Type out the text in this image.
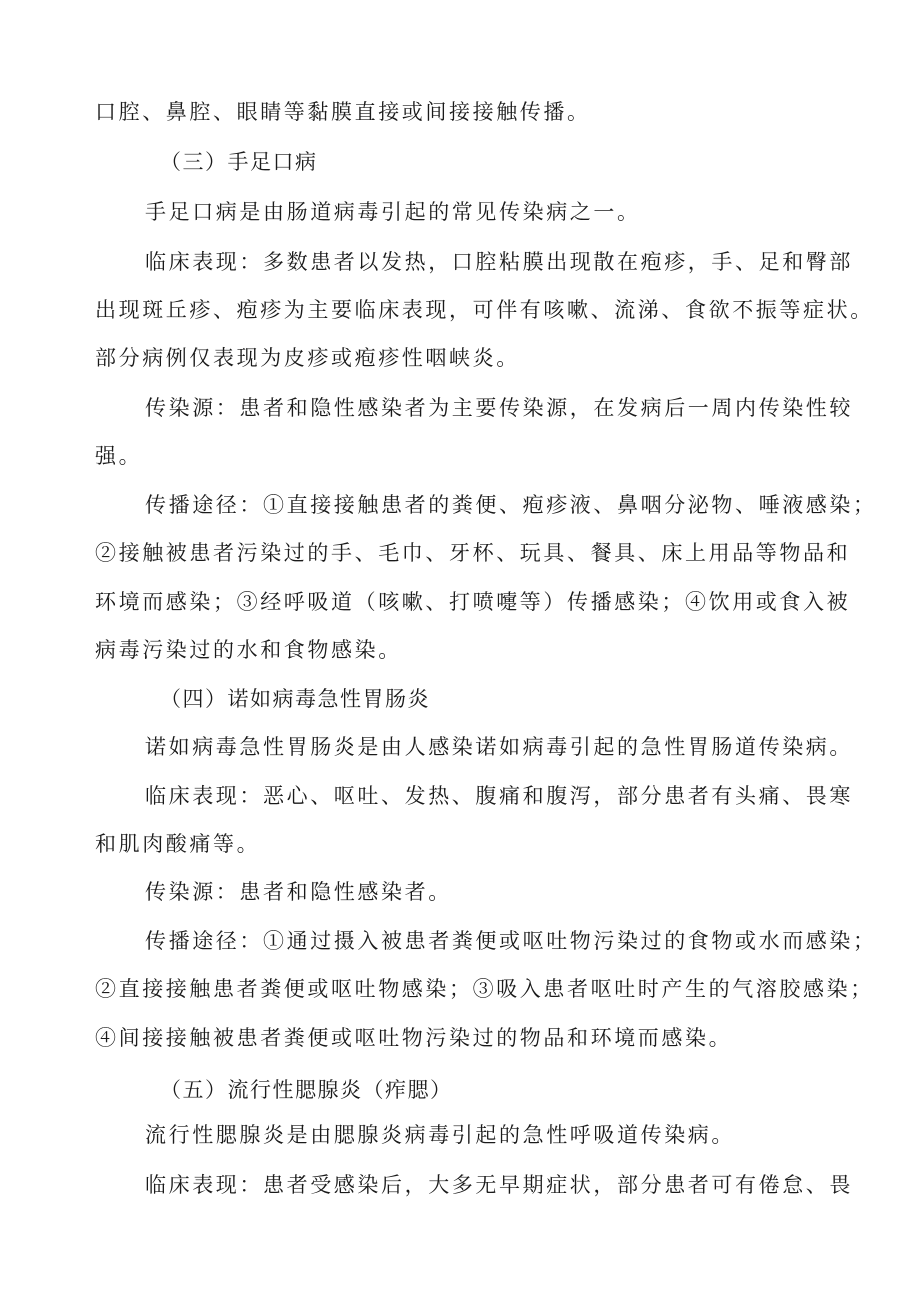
口腔、鼻腔、眼睛等黏膜直接或间接接触传播。
（三）手足口病
手足口病是由肠道病毒引起的常见传染病之一。
临床表现：多数患者以发热，口腔粘膜出现散在疱疹，手、足和臀部
出现斑丘疹、疱疹为主要临床表现，可伴有咳嗽、流涕、食欲不振等症状。
部分病例仅表现为皮疹或疱疹性咽峡炎。
传染源：患者和隐性感染者为主要传染源，在发病后一周内传染性较
强。
传播途径：①直接接触患者的粪便、疱疹液、鼻咽分泌物、唾液感染；
②接触被患者污染过的手、毛巾、牙杯、玩具、餐具、床上用品等物品和
环境而感染；③经呼吸道（咳嗽、打喷嚏等）传播感染；④饮用或食入被
病毒污染过的水和食物感染。
（四）诺如病毒急性胃肠炎
诺如病毒急性胃肠炎是由人感染诺如病毒引起的急性胃肠道传染病。
临床表现：恶心、呕吐、发热、腹痛和腹泻，部分患者有头痛、畏寒
和肌肉酸痛等。
传染源：患者和隐性感染者。
传播途径：①通过摄入被患者粪便或呕吐物污染过的食物或水而感染；
②直接接触患者粪便或呕吐物感染；③吸入患者呕吐时产生的气溶胶感染；
④间接接触被患者粪便或呕吐物污染过的物品和环境而感染。
（五）流行性腮腺炎（痄腮）
流行性腮腺炎是由腮腺炎病毒引起的急性呼吸道传染病。
临床表现：患者受感染后，大多无早期症状，部分患者可有倦怠、畏
